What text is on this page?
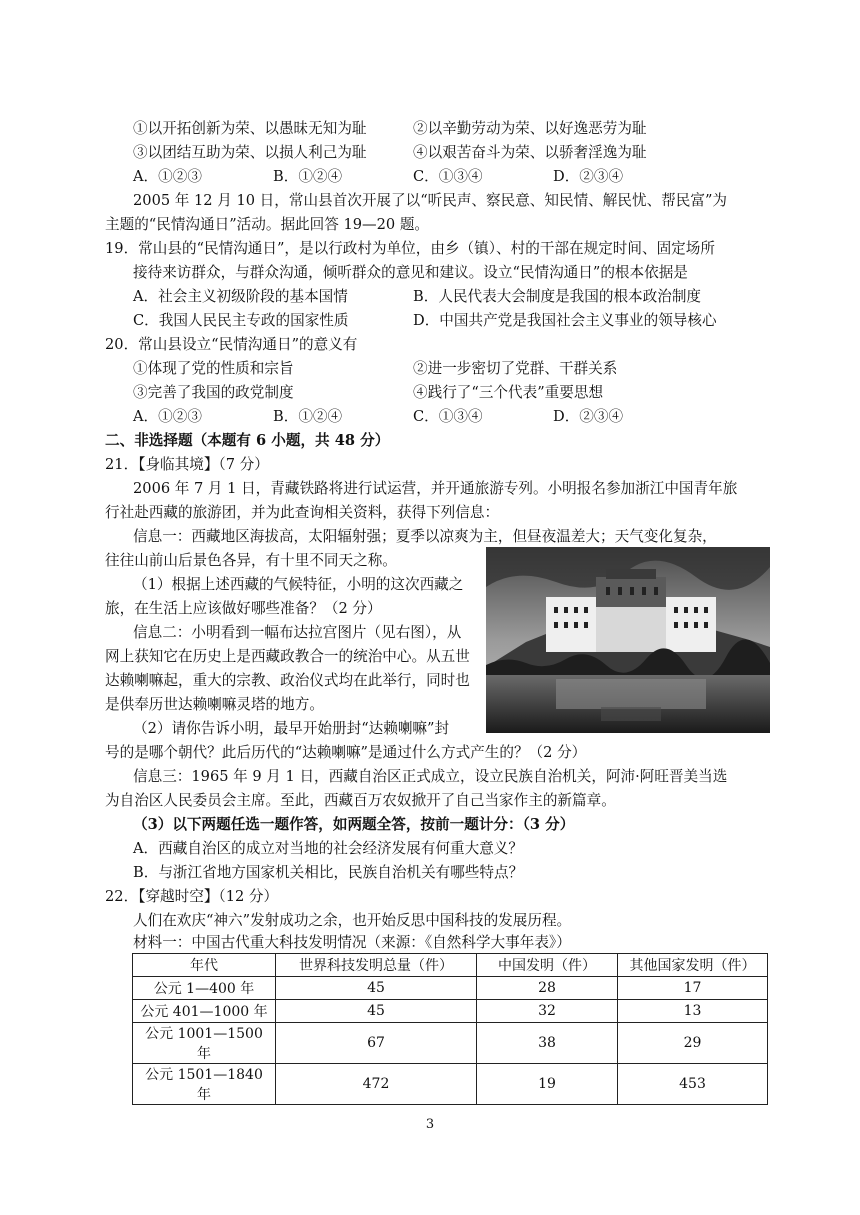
①以开拓创新为荣、以愚昧无知为耻	②以辛勤劳动为荣、以好逸恶劳为耻
③以团结互助为荣、以损人利己为耻	④以艰苦奋斗为荣、以骄奢淫逸为耻
A．①②③	B．①②④	C．①③④	D．②③④
2005 年 12 月 10 日，常山县首次开展了以“听民声、察民意、知民情、解民忧、帮民富”为
主题的“民情沟通日”活动。据此回答 19—20 题。
19．常山县的“民情沟通日”，是以行政村为单位，由乡（镇）、村的干部在规定时间、固定场所
接待来访群众，与群众沟通，倾听群众的意见和建议。设立“民情沟通日”的根本依据是
A．社会主义初级阶段的基本国情	B．人民代表大会制度是我国的根本政治制度
C．我国人民民主专政的国家性质	D．中国共产党是我国社会主义事业的领导核心
20．常山县设立“民情沟通日”的意义有
①体现了党的性质和宗旨	②进一步密切了党群、干群关系
③完善了我国的政党制度	④践行了“三个代表”重要思想
A．①②③	B．①②④	C．①③④	D．②③④
二、非选择题（本题有 6 小题，共 48 分）
21．【身临其境】（7 分）
2006 年 7 月 1 日，青藏铁路将进行试运营，并开通旅游专列。小明报名参加浙江中国青年旅
行社赴西藏的旅游团，并为此查询相关资料，获得下列信息：
信息一：西藏地区海拔高，太阳辐射强；夏季以凉爽为主，但昼夜温差大；天气变化复杂，
往往山前山后景色各异，有十里不同天之称。
（1）根据上述西藏的气候特征，小明的这次西藏之
旅，在生活上应该做好哪些准备？（2 分）
信息二：小明看到一幅布达拉宫图片（见右图），从
网上获知它在历史上是西藏政教合一的统治中心。从五世
达赖喇嘛起，重大的宗教、政治仪式均在此举行，同时也
是供奉历世达赖喇嘛灵塔的地方。
（2）请你告诉小明，最早开始册封“达赖喇嘛”封
号的是哪个朝代？此后历代的“达赖喇嘛”是通过什么方式产生的？（2 分）
信息三：1965 年 9 月 1 日，西藏自治区正式成立，设立民族自治机关，阿沛·阿旺晋美当选
为自治区人民委员会主席。至此，西藏百万农奴掀开了自己当家作主的新篇章。
（3）以下两题任选一题作答，如两题全答，按前一题计分：（3 分）
A．西藏自治区的成立对当地的社会经济发展有何重大意义？
B．与浙江省地方国家机关相比，民族自治机关有哪些特点？
22．【穿越时空】（12 分）
人们在欢庆“神六”发射成功之余，也开始反思中国科技的发展历程。
材料一：中国古代重大科技发明情况（来源：《自然科学大事年表》）
年代	世界科技发明总量（件）	中国发明（件）	其他国家发明（件）
公元 1—400 年	45	28	17
公元 401—1000 年	45	32	13
公元 1001—1500 年	67	38	29
公元 1501—1840 年	472	19	453
3
